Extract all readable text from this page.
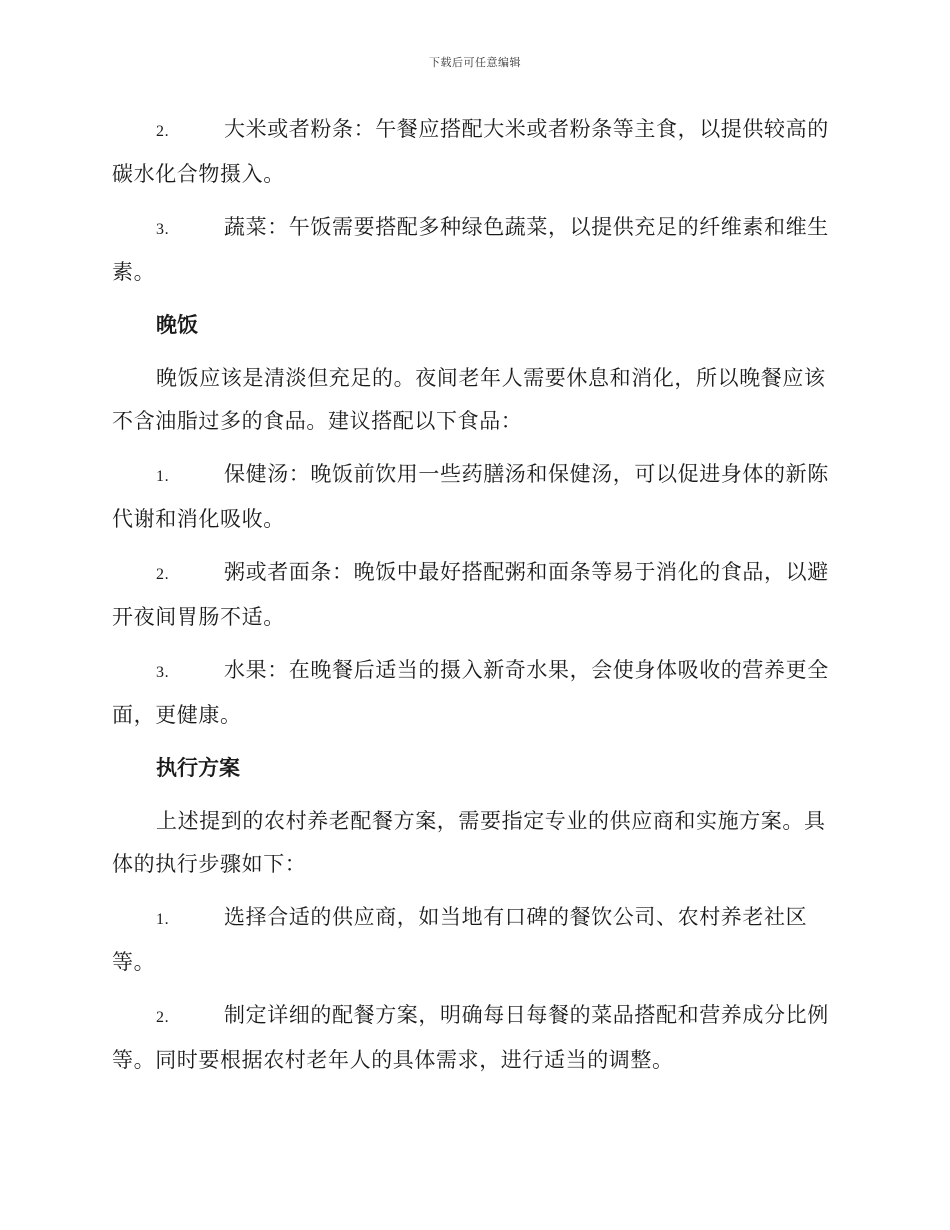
下载后可任意编辑

2.	大米或者粉条：午餐应搭配大米或者粉条等主食，以提供较高的碳水化合物摄入。

3.	蔬菜：午饭需要搭配多种绿色蔬菜，以提供充足的纤维素和维生素。

晚饭

晚饭应该是清淡但充足的。夜间老年人需要休息和消化，所以晚餐应该不含油脂过多的食品。建议搭配以下食品：

1.	保健汤：晚饭前饮用一些药膳汤和保健汤，可以促进身体的新陈代谢和消化吸收。

2.	粥或者面条：晚饭中最好搭配粥和面条等易于消化的食品，以避开夜间胃肠不适。

3.	水果：在晚餐后适当的摄入新奇水果，会使身体吸收的营养更全面，更健康。

执行方案

上述提到的农村养老配餐方案，需要指定专业的供应商和实施方案。具体的执行步骤如下：

1.	选择合适的供应商，如当地有口碑的餐饮公司、农村养老社区等。

2.	制定详细的配餐方案，明确每日每餐的菜品搭配和营养成分比例等。同时要根据农村老年人的具体需求，进行适当的调整。
